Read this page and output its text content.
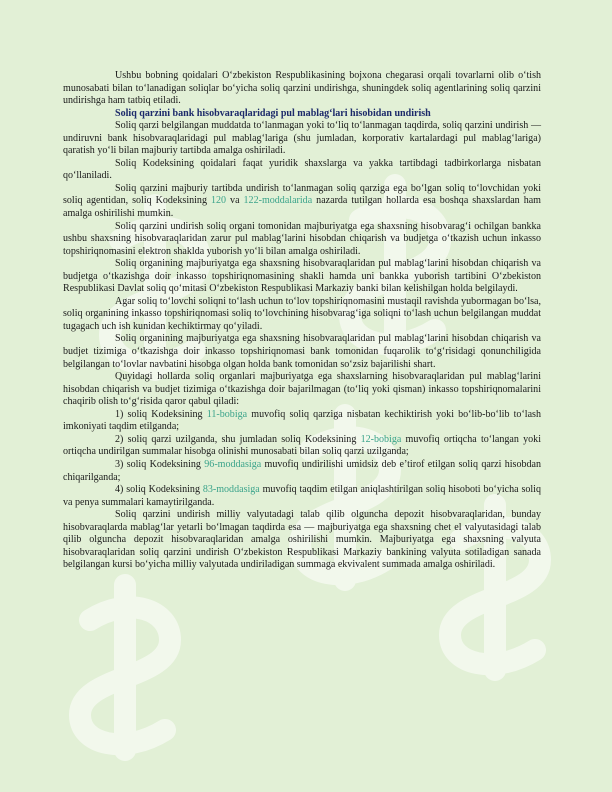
Ushbu bobning qoidalari O‘zbekiston Respublikasining bojxona chegarasi orqali tovarlarni olib o‘tish munosabati bilan to‘lanadigan soliqlar bo‘yicha soliq qarzini undirishga, shuningdek soliq agentlarining soliq qarzini undirishga ham tatbiq etiladi.

Soliq qarzini bank hisobvaraqlaridagi pul mablag‘lari hisobidan undirish

Soliq qarzi belgilangan muddatda to‘lanmagan yoki to‘liq to‘lanmagan taqdirda, soliq qarzini undirish — undiruvni bank hisobvaraqlaridagi pul mablag‘lariga (shu jumladan, korporativ kartalardagi pul mablag‘lariga) qaratish yo‘li bilan majburiy tartibda amalga oshiriladi.

Soliq Kodeksining qoidalari faqat yuridik shaxslarga va yakka tartibdagi tadbirkorlarga nisbatan qo‘llaniladi.

Soliq qarzini majburiy tartibda undirish to‘lanmagan soliq qarziga ega bo‘lgan soliq to‘lovchidan yoki soliq agentidan, soliq Kodeksining 120 va 122-moddalarida nazarda tutilgan hollarda esa boshqa shaxslardan ham amalga oshirilishi mumkin.

Soliq qarzini undirish soliq organi tomonidan majburiyatga ega shaxsning hisobvarag‘i ochilgan bankka ushbu shaxsning hisobvaraqlaridan zarur pul mablag‘larini hisobdan chiqarish va budjetga o‘tkazish uchun inkasso topshiriqnomasini elektron shaklda yuborish yo‘li bilan amalga oshiriladi.

Soliq organining majburiyatga ega shaxsning hisobvaraqlaridan pul mablag‘larini hisobdan chiqarish va budjetga o‘tkazishga doir inkasso topshiriqnomasining shakli hamda uni bankka yuborish tartibini O‘zbekiston Respublikasi Davlat soliq qo‘mitasi O‘zbekiston Respublikasi Markaziy banki bilan kelishilgan holda belgilaydi.

Agar soliq to‘lovchi soliqni to‘lash uchun to‘lov topshiriqnomasini mustaqil ravishda yubormagan bo‘lsa, soliq organining inkasso topshiriqnomasi soliq to‘lovchining hisobvarag‘iga soliqni to‘lash uchun belgilangan muddat tugagach uch ish kunidan kechiktirmay qo‘yiladi.

Soliq organining majburiyatga ega shaxsning hisobvaraqlaridan pul mablag‘larini hisobdan chiqarish va budjet tizimiga o‘tkazishga doir inkasso topshiriqnomasi bank tomonidan fuqarolik to‘g‘risidagi qonunchiligida belgilangan to‘lovlar navbatini hisobga olgan holda bank tomonidan so‘zsiz bajarilishi shart.

Quyidagi hollarda soliq organlari majburiyatga ega shaxslarning hisobvaraqlaridan pul mablag‘larini hisobdan chiqarish va budjet tizimiga o‘tkazishga doir bajarilmagan (to‘liq yoki qisman) inkasso topshiriqnomalarini chaqirib olish to‘g‘risida qaror qabul qiladi:

1) soliq Kodeksining 11-bobiga muvofiq soliq qarziga nisbatan kechiktirish yoki bo‘lib-bo‘lib to‘lash imkoniyati taqdim etilganda;

2) soliq qarzi uzilganda, shu jumladan soliq Kodeksining 12-bobiga muvofiq ortiqcha to‘langan yoki ortiqcha undirilgan summalar hisobga olinishi munosabati bilan soliq qarzi uzilganda;

3) soliq Kodeksining 96-moddasiga muvofiq undirilishi umidsiz deb e’tirof etilgan soliq qarzi hisobdan chiqarilganda;

4) soliq Kodeksining 83-moddasiga muvofiq taqdim etilgan aniqlashtirilgan soliq hisoboti bo‘yicha soliq va penya summalari kamaytirilganda.

Soliq qarzini undirish milliy valyutadagi talab qilib olguncha depozit hisobvaraqlaridan, bunday hisobvaraqlarda mablag‘lar yetarli bo‘lmagan taqdirda esa — majburiyatga ega shaxsning chet el valyutasidagi talab qilib olguncha depozit hisobvaraqlaridan amalga oshirilishi mumkin. Majburiyatga ega shaxsning valyuta hisobvaraqlaridan soliq qarzini undirish O‘zbekiston Respublikasi Markaziy bankining valyuta sotiladigan sanada belgilangan kursi bo‘yicha milliy valyutada undiriladigan summaga ekvivalent summada amalga oshiriladi.
